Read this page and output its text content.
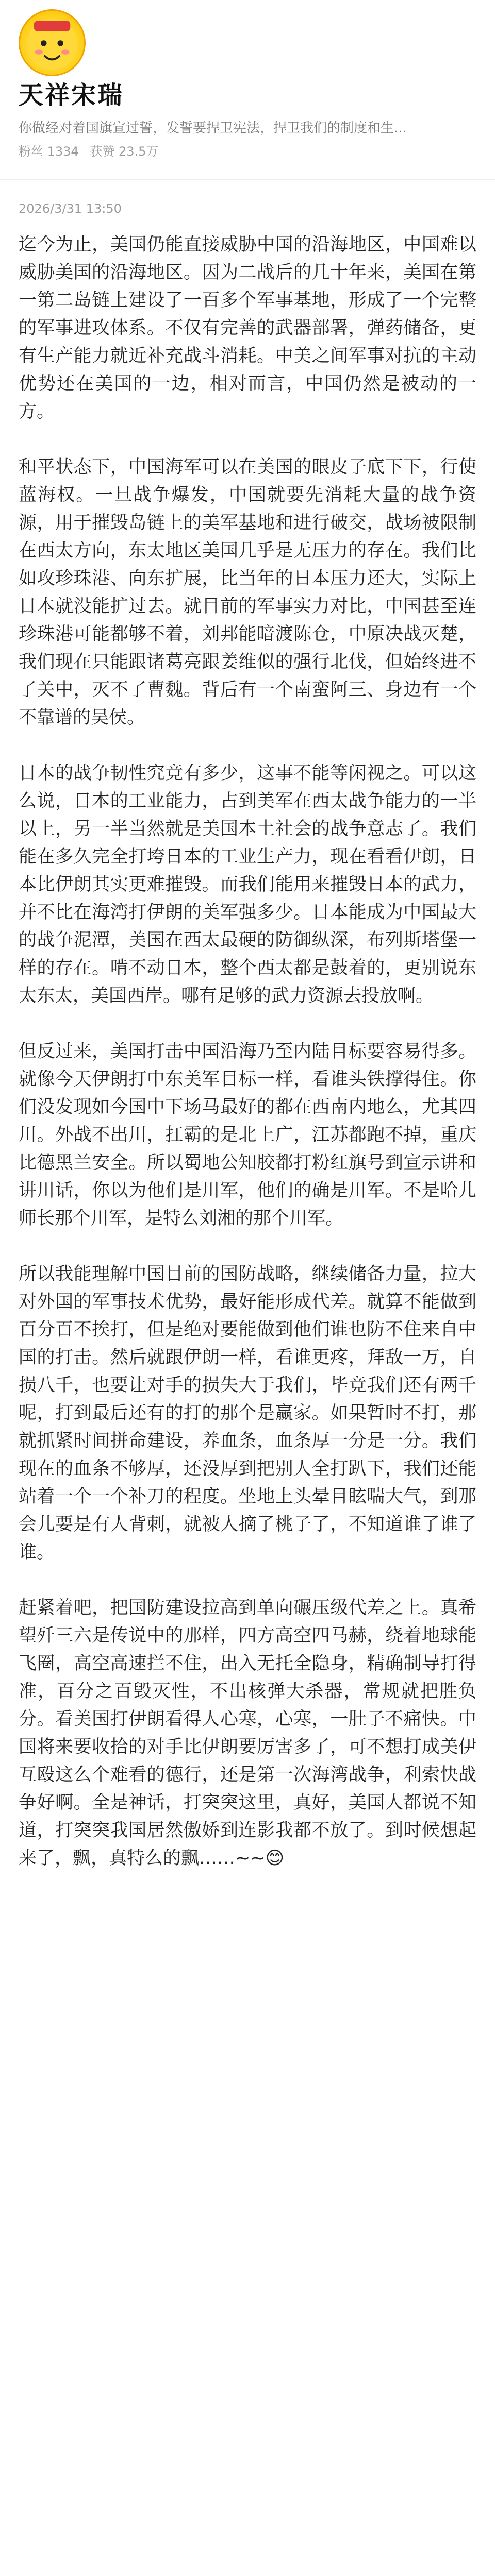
天祥宋瑞

你做经对着国旗宣过誓，发誓要捍卫宪法，捍卫我们的制度和生...

粉丝 1334 获赞 23.5万
2026/3/31 13:50

迄今为止，美国仍能直接威胁中国的沿海地区，中国难以威胁美国的沿海地区。因为二战后的几十年来，美国在第一第二岛链上建设了一百多个军事基地，形成了一个完整的军事进攻体系。不仅有完善的武器部署，弹药储备，更有生产能力就近补充战斗消耗。中美之间军事对抗的主动优势还在美国的一边，相对而言，中国仍然是被动的一方。

和平状态下，中国海军可以在美国的眼皮子底下下，行使蓝海权。一旦战争爆发，中国就要先消耗大量的战争资源，用于摧毁岛链上的美军基地和进行破交，战场被限制在西太方向，东太地区美国几乎是无压力的存在。我们比如攻珍珠港、向东扩展，比当年的日本压力还大，实际上日本就没能扩过去。就目前的军事实力对比，中国甚至连珍珠港可能都够不着，刘邦能暗渡陈仓，中原决战灭楚，我们现在只能跟诸葛亮跟姜维似的强行北伐，但始终进不了关中，灭不了曹魏。背后有一个南蛮阿三、身边有一个不靠谱的吴侯。

日本的战争韧性究竟有多少，这事不能等闲视之。可以这么说，日本的工业能力，占到美军在西太战争能力的一半以上，另一半当然就是美国本土社会的战争意志了。我们能在多久完全打垮日本的工业生产力，现在看看伊朗，日本比伊朗其实更难摧毁。而我们能用来摧毁日本的武力，并不比在海湾打伊朗的美军强多少。日本能成为中国最大的战争泥潭，美国在西太最硬的防御纵深，布列斯塔堡一样的存在。啃不动日本，整个西太都是鼓着的，更别说东太东太，美国西岸。哪有足够的武力资源去投放啊。

但反过来，美国打击中国沿海乃至内陆目标要容易得多。就像今天伊朗打中东美军目标一样，看谁头铁撑得住。你们没发现如今国中下场马最好的都在西南内地么，尤其四川。外战不出川，扛霸的是北上广，江苏都跑不掉，重庆比德黑兰安全。所以蜀地公知胶都打粉红旗号到宣示讲和讲川话，你以为他们是川军，他们的确是川军。不是哈儿师长那个川军，是特么刘湘的那个川军。

所以我能理解中国目前的国防战略，继续储备力量，拉大对外国的军事技术优势，最好能形成代差。就算不能做到百分百不挨打，但是绝对要能做到他们谁也防不住来自中国的打击。然后就跟伊朗一样，看谁更疼，拜敌一万，自损八千，也要让对手的损失大于我们，毕竟我们还有两千呢，打到最后还有的打的那个是赢家。如果暂时不打，那就抓紧时间拼命建设，养血条，血条厚一分是一分。我们现在的血条不够厚，还没厚到把别人全打趴下，我们还能站着一个一个补刀的程度。坐地上头晕目眩喘大气，到那会儿要是有人背刺，就被人摘了桃子了，不知道谁了谁了谁。

赶紧着吧，把国防建设拉高到单向碾压级代差之上。真希望歼三六是传说中的那样，四方高空四马赫，绕着地球能飞圈，高空高速拦不住，出入无托全隐身，精确制导打得准，百分之百毁灭性，不出核弹大杀器，常规就把胜负分。看美国打伊朗看得人心寒，心寒，一肚子不痛快。中国将来要收拾的对手比伊朗要厉害多了，可不想打成美伊互殴这么个难看的德行，还是第一次海湾战争，利索快战争好啊。全是神话，打突突这里，真好，美国人都说不知道，打突突我国居然傲娇到连影我都不放了。到时候想起来了，飘，真特么的飘……~~😊
